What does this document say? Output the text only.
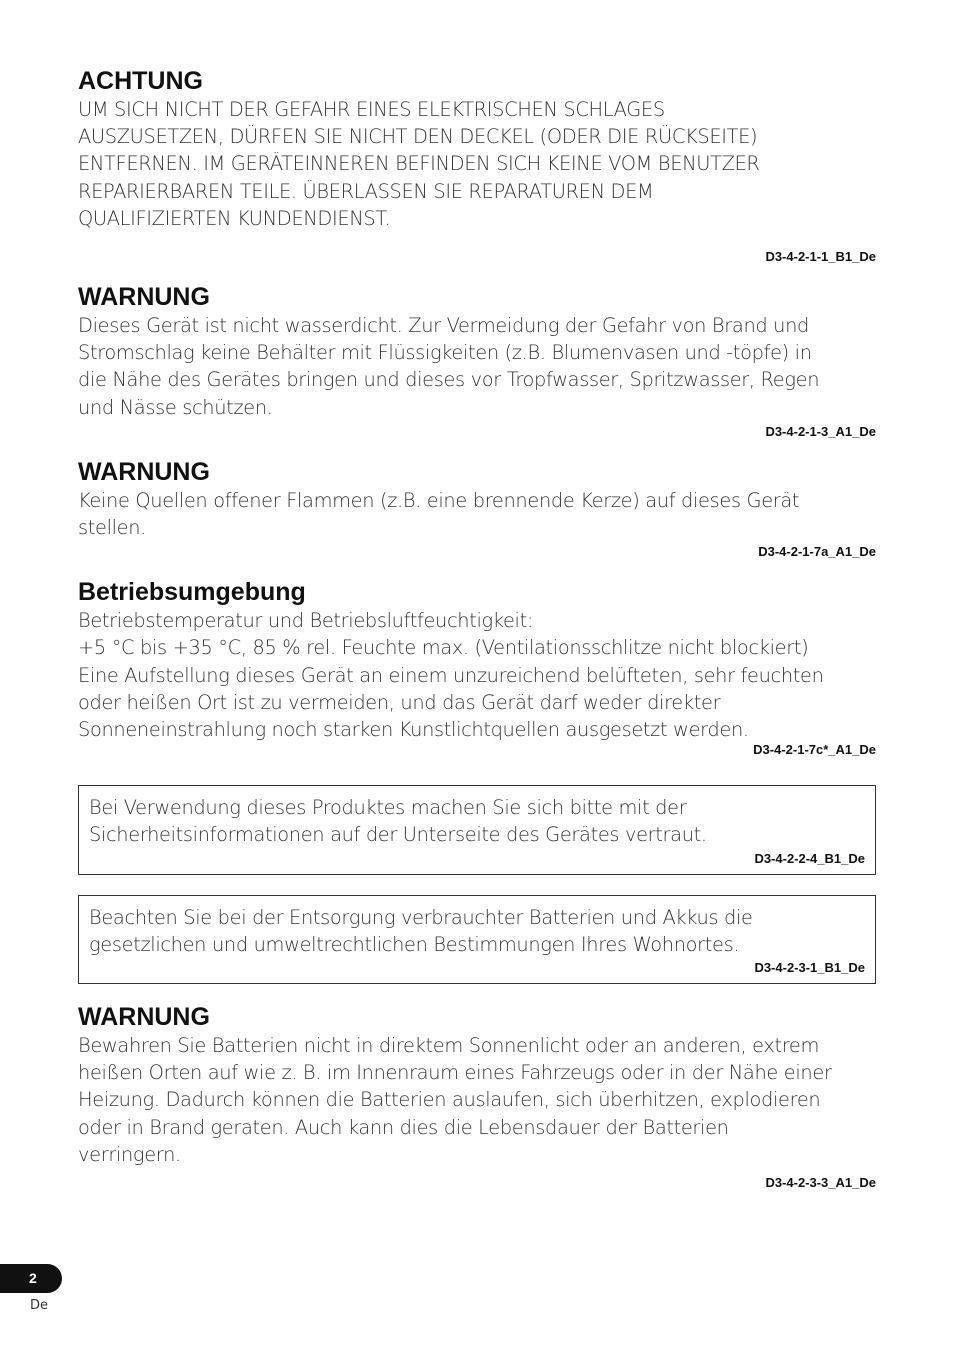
ACHTUNG

UM SICH NICHT DER GEFAHR EINES ELEKTRISCHEN SCHLAGES
AUSZUSETZEN, DÜRFEN SIE NICHT DEN DECKEL (ODER DIE RÜCKSEITE)
ENTFERNEN. IM GERÄTEINNEREN BEFINDEN SICH KEINE VOM BENUTZER
REPARIERBAREN TEILE. ÜBERLASSEN SIE REPARATUREN DEM
QUALIFIZIERTEN KUNDENDIENST.

D3-4-2-1-1_B1_De
WARNUNG

Dieses Gerät ist nicht wasserdicht. Zur Vermeidung der Gefahr von Brand und
Stromschlag keine Behälter mit Flüssigkeiten (z.B. Blumenvasen und -töpfe) in
die Nähe des Gerätes bringen und dieses vor Tropfwasser, Spritzwasser, Regen
und Nässe schützen.

D3-4-2-1-3_A1_De
WARNUNG

Keine Quellen offener Flammen (z.B. eine brennende Kerze) auf dieses Gerät
stellen.

D3-4-2-1-7a_A1_De
Betriebsumgebung

Betriebstemperatur und Betriebsluftfeuchtigkeit:
+5 °C bis +35 °C, 85 % rel. Feuchte max. (Ventilationsschlitze nicht blockiert)
Eine Aufstellung dieses Gerät an einem unzureichend belüfteten, sehr feuchten
oder heißen Ort ist zu vermeiden, und das Gerät darf weder direkter
Sonneneinstrahlung noch starken Kunstlichtquellen ausgesetzt werden.

D3-4-2-1-7c*_A1_De

Bei Verwendung dieses Produktes machen Sie sich bitte mit der
Sicherheitsinformationen auf der Unterseite des Gerätes vertraut.

D3-4-2-2-4_B1_De

Beachten Sie bei der Entsorgung verbrauchter Batterien und Akkus die
gesetzlichen und umweltrechtlichen Bestimmungen Ihres Wohnortes.

D3-4-2-3-1_B1_De
WARNUNG

Bewahren Sie Batterien nicht in direktem Sonnenlicht oder an anderen, extrem
heißen Orten auf wie z. B. im Innenraum eines Fahrzeugs oder in der Nähe einer
Heizung. Dadurch können die Batterien auslaufen, sich überhitzen, explodieren
oder in Brand geraten. Auch kann dies die Lebensdauer der Batterien
verringern.

D3-4-2-3-3_A1_De
2
De
